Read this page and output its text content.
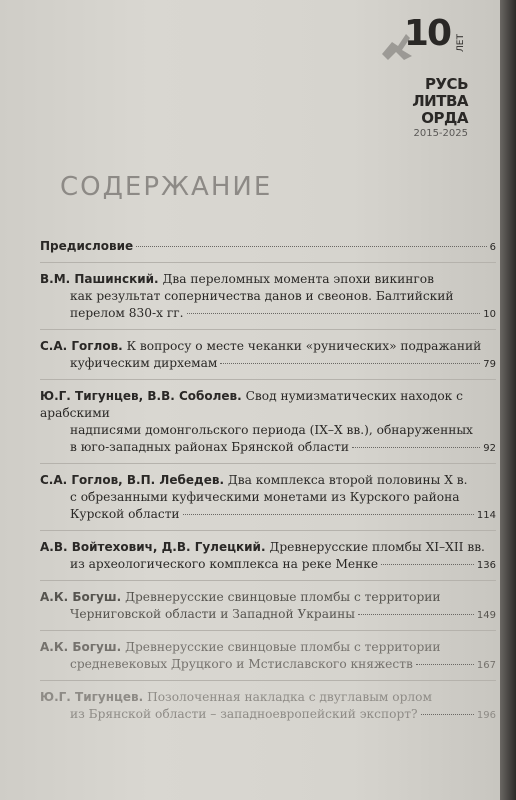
10 ЛЕТ
РУСЬ
ЛИТВА
ОРДА
2015-2025
СОДЕРЖАНИЕ
Предисловие	6
В.М. Пашинский. Два переломных момента эпохи викингов
как результат соперничества данов и свеонов. Балтийский
перелом 830-х гг.	10
С.А. Гоглов. К вопросу о месте чеканки «рунических» подражаний
куфическим дирхемам	79
Ю.Г. Тигунцев, В.В. Соболев. Свод нумизматических находок с арабскими
надписями домонгольского периода (IX–X вв.), обнаруженных
в юго-западных районах Брянской области	92
С.А. Гоглов, В.П. Лебедев. Два комплекса второй половины X в.
с обрезанными куфическими монетами из Курского района
Курской области	114
А.В. Войтехович, Д.В. Гулецкий. Древнерусские пломбы XI–XII вв.
из археологического комплекса на реке Менке	136
А.К. Богуш. Древнерусские свинцовые пломбы с территории
Черниговской области и Западной Украины	149
А.К. Богуш. Древнерусские свинцовые пломбы с территории
средневековых Друцкого и Мстиславского княжеств	167
Ю.Г. Тигунцев. Позолоченная накладка с двуглавым орлом
из Брянской области – западноевропейский экспорт?	196
